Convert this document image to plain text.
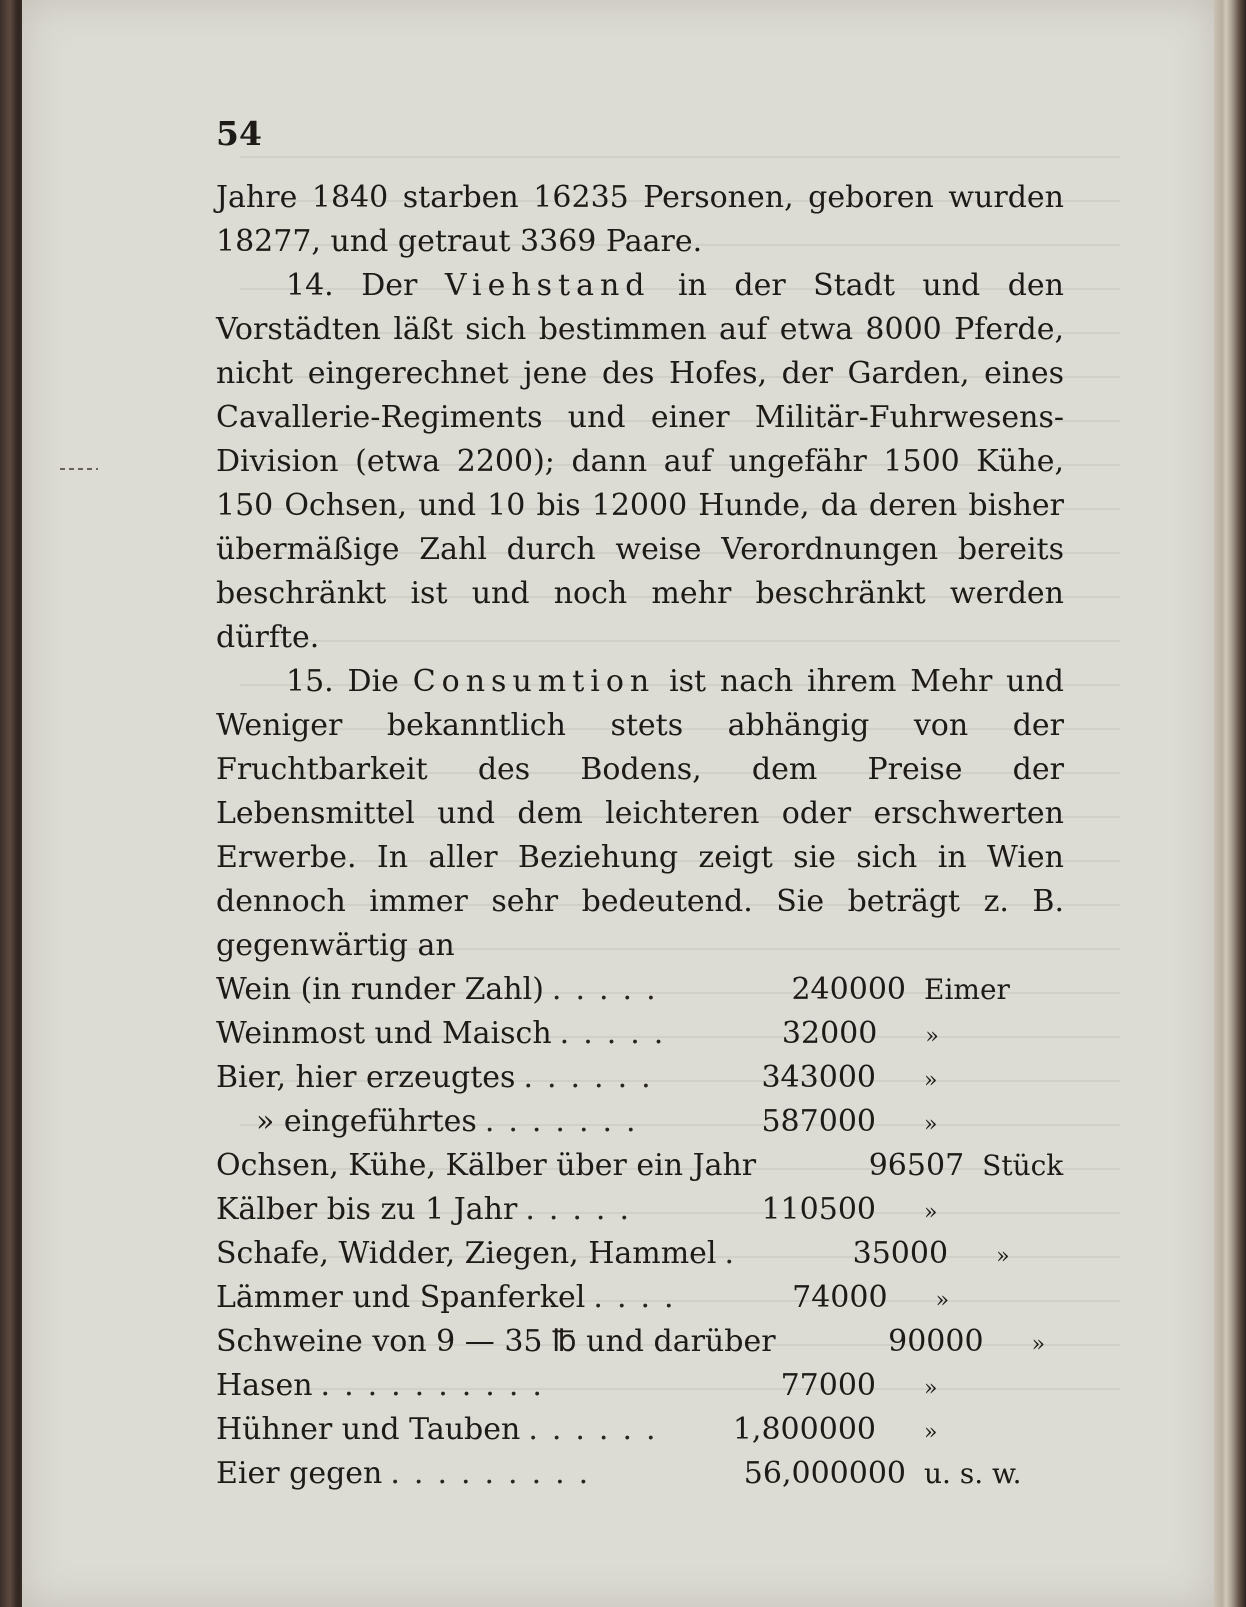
54

Jahre 1840 starben 16235 Personen, geboren wurden 18277, und getraut 3369 Paare.

14. Der Viehstand in der Stadt und den Vorstädten läßt sich bestimmen auf etwa 8000 Pferde, nicht eingerechnet jene des Hofes, der Garden, eines Cavallerie-Regiments und einer Militär-Fuhrwesens-Division (etwa 2200); dann auf ungefähr 1500 Kühe, 150 Ochsen, und 10 bis 12000 Hunde, da deren bisher übermäßige Zahl durch weise Verordnungen bereits beschränkt ist und noch mehr beschränkt werden dürfte.

15. Die Consumtion ist nach ihrem Mehr und Weniger bekanntlich stets abhängig von der Fruchtbarkeit des Bodens, dem Preise der Lebensmittel und dem leichteren oder erschwerten Erwerbe. In aller Beziehung zeigt sie sich in Wien dennoch immer sehr bedeutend. Sie beträgt z. B. gegenwärtig an

Wein (in runder Zahl) .....	240000 Eimer
Weinmost und Maisch .....	32000	»
Bier, hier erzeugtes ......	343000	»
» eingeführtes .......	587000	»
Ochsen, Kühe, Kälber über ein Jahr	96507 Stück
Kälber bis zu 1 Jahr .....	110500	»
Schafe, Widder, Ziegen, Hammel .	35000	»
Lämmer und Spanferkel ....	74000	»
Schweine von 9 — 35 ℔ und darüber	90000	»
Hasen ..........	77000	»
Hühner und Tauben ......	1,800000	»
Eier gegen .........	56,000000 u. s. w.
